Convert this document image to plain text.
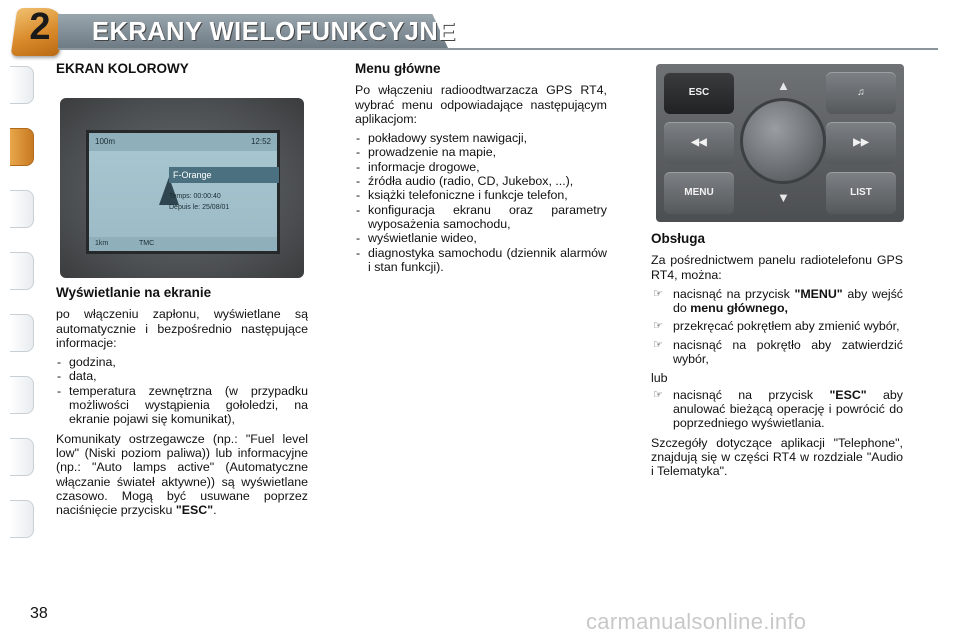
2	EKRANY WIELOFUNKCYJNE
EKRAN KOLOROWY
100m	12:52
F-Orange
Temps: 00:00:40
Depuis le: 25/08/01
1km	TMC
Wyświetlanie na ekranie

po włączeniu zapłonu, wyświetlane są automatycznie i bezpośrednio następujące informacje:

- godzina,
- data,
- temperatura zewnętrzna (w przypadku możliwości wystąpienia gołoledzi, na ekranie pojawi się komunikat),

Komunikaty ostrzegawcze (np.: "Fuel level low" (Niski poziom paliwa)) lub informacyjne (np.: "Auto lamps active" (Automatyczne włączanie świateł aktywne)) są wyświetlane czasowo. Mogą być usuwane poprzez naciśnięcie przycisku "ESC".

Menu główne

Po włączeniu radioodtwarzacza GPS RT4, wybrać menu odpowiadające następującym aplikacjom:

- pokładowy system nawigacji,
- prowadzenie na mapie,
- informacje drogowe,
- źródła audio (radio, CD, Jukebox, ...),
- książki telefoniczne i funkcje telefon,
- konfiguracja ekranu oraz parametry wyposażenia samochodu,
- wyświetlanie wideo,
- diagnostyka samochodu (dziennik alarmów i stan funkcji).
ESC	♫
◀◀	▶▶
MENU	LIST
▲
▼
Obsługa

Za pośrednictwem panelu radiotelefonu GPS RT4, można:

☞ nacisnąć na przycisk "MENU" aby wejść do menu głównego,
☞ przekręcać pokrętłem aby zmienić wybór,
☞ nacisnąć na pokrętło aby zatwierdzić wybór,

lub

☞ nacisnąć na przycisk "ESC" aby anulować bieżącą operację i powrócić do poprzedniego wyświetlania.

Szczegóły dotyczące aplikacji "Telephone", znajdują się w części RT4 w rozdziale "Audio i Telematyka".

38	carmanualsonline.info
